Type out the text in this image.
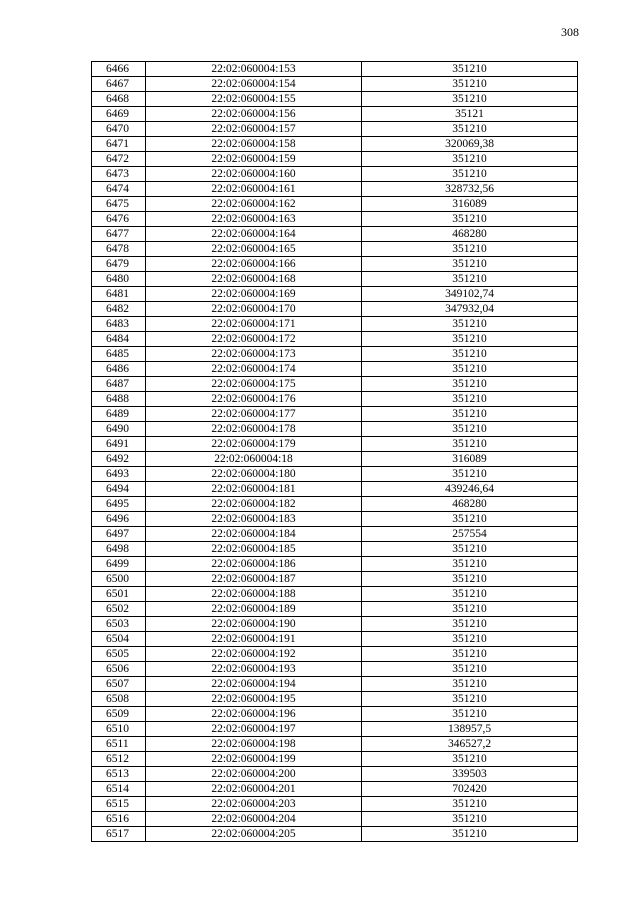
308
6466	22:02:060004:153	351210
6467	22:02:060004:154	351210
6468	22:02:060004:155	351210
6469	22:02:060004:156	35121
6470	22:02:060004:157	351210
6471	22:02:060004:158	320069,38
6472	22:02:060004:159	351210
6473	22:02:060004:160	351210
6474	22:02:060004:161	328732,56
6475	22:02:060004:162	316089
6476	22:02:060004:163	351210
6477	22:02:060004:164	468280
6478	22:02:060004:165	351210
6479	22:02:060004:166	351210
6480	22:02:060004:168	351210
6481	22:02:060004:169	349102,74
6482	22:02:060004:170	347932,04
6483	22:02:060004:171	351210
6484	22:02:060004:172	351210
6485	22:02:060004:173	351210
6486	22:02:060004:174	351210
6487	22:02:060004:175	351210
6488	22:02:060004:176	351210
6489	22:02:060004:177	351210
6490	22:02:060004:178	351210
6491	22:02:060004:179	351210
6492	22:02:060004:18	316089
6493	22:02:060004:180	351210
6494	22:02:060004:181	439246,64
6495	22:02:060004:182	468280
6496	22:02:060004:183	351210
6497	22:02:060004:184	257554
6498	22:02:060004:185	351210
6499	22:02:060004:186	351210
6500	22:02:060004:187	351210
6501	22:02:060004:188	351210
6502	22:02:060004:189	351210
6503	22:02:060004:190	351210
6504	22:02:060004:191	351210
6505	22:02:060004:192	351210
6506	22:02:060004:193	351210
6507	22:02:060004:194	351210
6508	22:02:060004:195	351210
6509	22:02:060004:196	351210
6510	22:02:060004:197	138957,5
6511	22:02:060004:198	346527,2
6512	22:02:060004:199	351210
6513	22:02:060004:200	339503
6514	22:02:060004:201	702420
6515	22:02:060004:203	351210
6516	22:02:060004:204	351210
6517	22:02:060004:205	351210
